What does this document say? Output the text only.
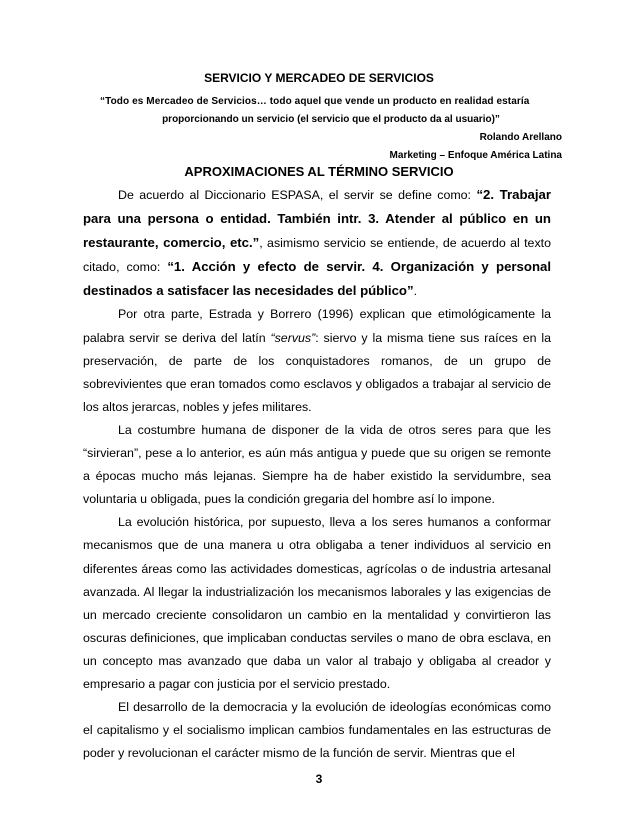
SERVICIO Y MERCADEO DE SERVICIOS
“Todo es Mercadeo de Servicios… todo aquel que vende un producto en realidad estaría
proporcionando un servicio (el servicio que el producto da al usuario)”
Rolando Arellano
Marketing – Enfoque América Latina
APROXIMACIONES AL TÉRMINO SERVICIO

De acuerdo al Diccionario ESPASA, el servir se define como: “2. Trabajar para una persona o entidad. También intr. 3. Atender al público en un restaurante, comercio, etc.”, asimismo servicio se entiende, de acuerdo al texto citado, como: “1. Acción y efecto de servir. 4. Organización y personal destinados a satisfacer las necesidades del público”.

Por otra parte, Estrada y Borrero (1996) explican que etimológicamente la palabra servir se deriva del latín “servus”: siervo y la misma tiene sus raíces en la preservación, de parte de los conquistadores romanos, de un grupo de sobrevivientes que eran tomados como esclavos y obligados a trabajar al servicio de los altos jerarcas, nobles y jefes militares.

La costumbre humana de disponer de la vida de otros seres para que les “sirvieran”, pese a lo anterior, es aún más antigua y puede que su origen se remonte a épocas mucho más lejanas. Siempre ha de haber existido la servidumbre, sea voluntaria u obligada, pues la condición gregaria del hombre así lo impone.

La evolución histórica, por supuesto, lleva a los seres humanos a conformar mecanismos que de una manera u otra obligaba a tener individuos al servicio en diferentes áreas como las actividades domesticas, agrícolas o de industria artesanal avanzada. Al llegar la industrialización los mecanismos laborales y las exigencias de un mercado creciente consolidaron un cambio en la mentalidad y convirtieron las oscuras definiciones, que implicaban conductas serviles o mano de obra esclava, en un concepto mas avanzado que daba un valor al trabajo y obligaba al creador y empresario a pagar con justicia por el servicio prestado.

El desarrollo de la democracia y la evolución de ideologías económicas como el capitalismo y el socialismo implican cambios fundamentales en las estructuras de poder y revolucionan el carácter mismo de la función de servir. Mientras que el

3
